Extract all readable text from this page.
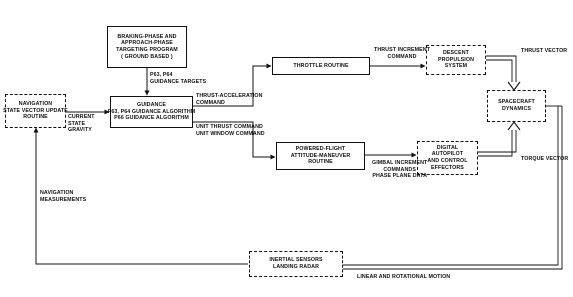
BRAKING-PHASE AND
APPROACH-PHASE
TARGETING PROGRAM
( GROUND BASED )
NAVIGATION
STATE VECTOR UPDATE
ROUTINE
GUIDANCE
P63, P64 GUIDANCE ALGORITHM
P66 GUIDANCE ALGORITHM
THROTTLE ROUTINE
DESCENT
PROPULSION
SYSTEM
SPACECRAFT
DYNAMICS
POWERED-FLIGHT
ATTITUDE-MANEUVER
ROUTINE
DIGITAL
AUTOPILOT
AND CONTROL
EFFECTORS
INERTIAL SENSORS
LANDING RADAR
P63, P64
GUIDANCE TARGETS
CURRENT
STATE
GRAVITY
THRUST-ACCELERATION
COMMAND
UNIT THRUST COMMAND
UNIT WINDOW COMMAND
THRUST INCREMENT
COMMAND
THRUST VECTOR
GIMBAL INCREMENT
COMMANDS
PHASE PLANE DATA
TORQUE VECTOR
NAVIGATION
MEASUREMENTS
LINEAR AND ROTATIONAL MOTION
